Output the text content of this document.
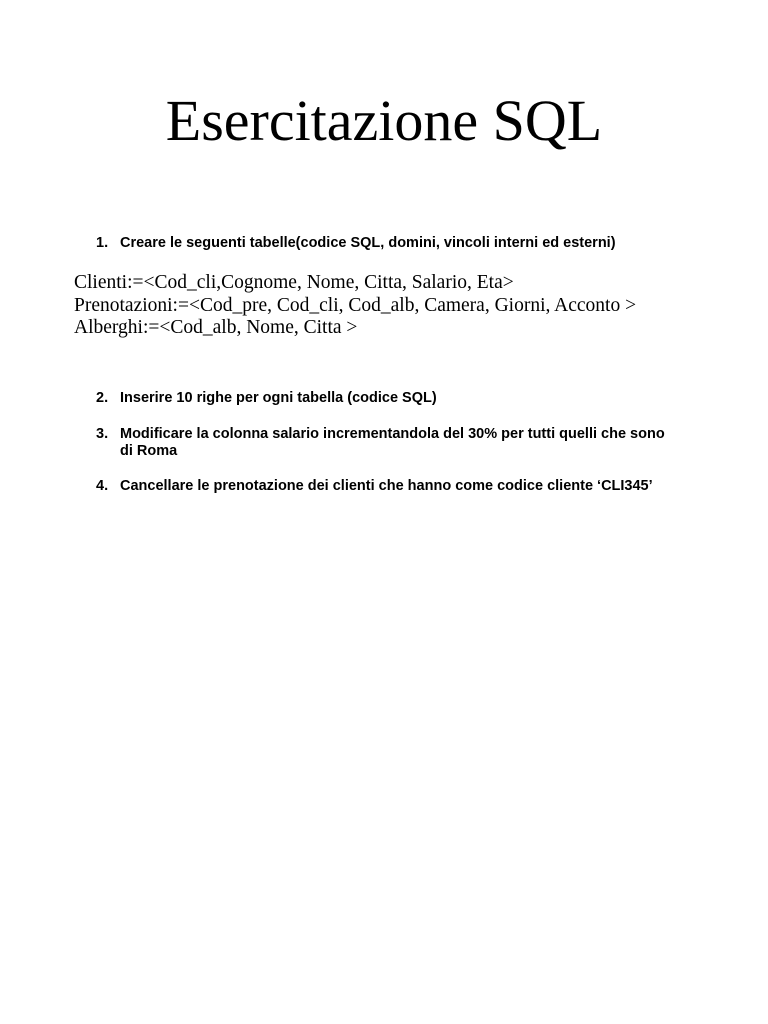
Esercitazione SQL
1. Creare le seguenti tabelle(codice SQL, domini, vincoli interni ed esterni)
Clienti:=<Cod_cli,Cognome, Nome, Citta, Salario, Eta>
Prenotazioni:=<Cod_pre, Cod_cli, Cod_alb, Camera, Giorni, Acconto >
Alberghi:=<Cod_alb, Nome, Citta >
2. Inserire 10 righe per ogni tabella (codice SQL)
3. Modificare la colonna salario incrementandola del 30% per tutti quelli che sono di Roma
4. Cancellare le prenotazione dei clienti che hanno come codice cliente ‘CLI345’
